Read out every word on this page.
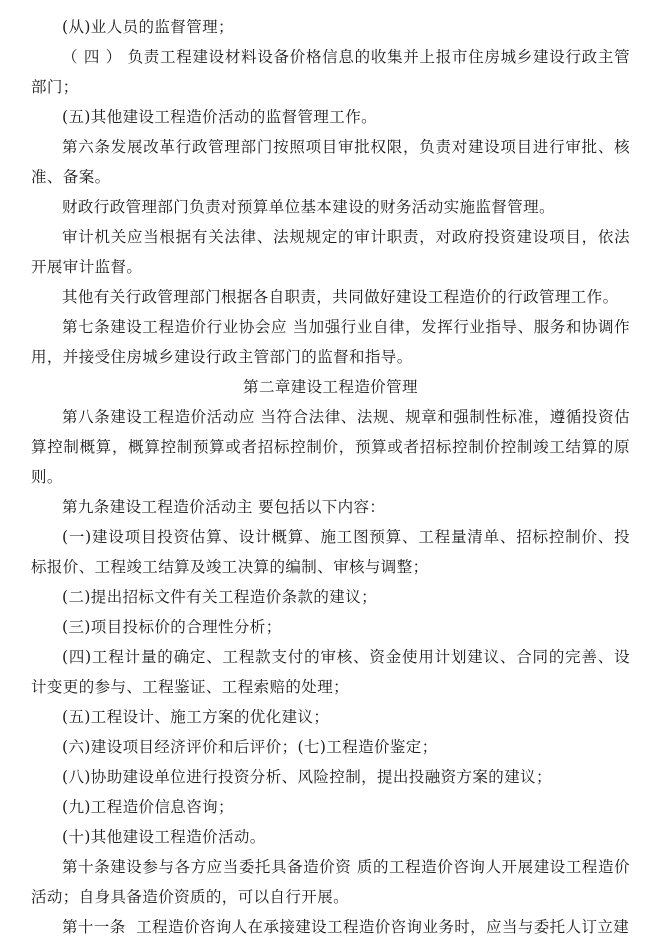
(从)业人员的监督管理；

（ 四 ） 负责工程建设材料设备价格信息的收集并上报市住房城乡建设行政主管部门；

(五)其他建设工程造价活动的监督管理工作。

第六条发展改革行政管理部门按照项目审批权限，负责对建设项目进行审批、核准、备案。

财政行政管理部门负责对预算单位基本建设的财务活动实施监督管理。

审计机关应当根据有关法律、法规规定的审计职责，对政府投资建设项目，依法开展审计监督。

其他有关行政管理部门根据各自职责，共同做好建设工程造价的行政管理工作。

第七条建设工程造价行业协会应 当加强行业自律，发挥行业指导、服务和协调作用，并接受住房城乡建设行政主管部门的监督和指导。

第二章建设工程造价管理

第八条建设工程造价活动应 当符合法律、法规、规章和强制性标准，遵循投资估算控制概算，概算控制预算或者招标控制价，预算或者招标控制价控制竣工结算的原则。

第九条建设工程造价活动主 要包括以下内容：

(一)建设项目投资估算、设计概算、施工图预算、工程量清单、招标控制价、投标报价、工程竣工结算及竣工决算的编制、审核与调整；

(二)提出招标文件有关工程造价条款的建议；

(三)项目投标价的合理性分析；

(四)工程计量的确定、工程款支付的审核、资金使用计划建议、合同的完善、设计变更的参与、工程鉴证、工程索赔的处理；

(五)工程设计、施工方案的优化建议；

(六)建设项目经济评价和后评价；(七)工程造价鉴定；

(八)协助建设单位进行投资分析、风险控制，提出投融资方案的建议；

(九)工程造价信息咨询；

(十)其他建设工程造价活动。

第十条建设参与各方应当委托具备造价资 质的工程造价咨询人开展建设工程造价活动；自身具备造价资质的，可以自行开展。

第十一条  工程造价咨询人在承接建设工程造价咨询业务时，应当与委托人订立建
